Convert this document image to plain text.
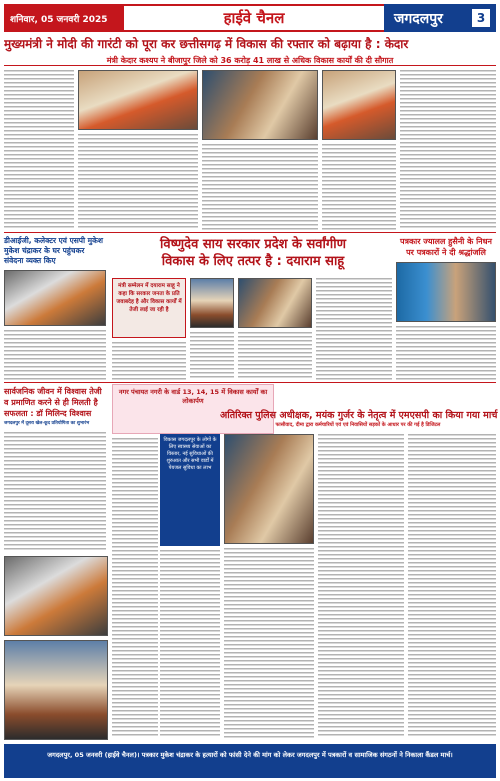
शनिवार, 05 जनवरी 2025	हाईवे चैनल	जगदलपुर	3
मुख्यमंत्री ने मोदी की गारंटी को पूरा कर छत्तीसगढ़ में विकास की रफ्तार को बढ़ाया है : केदार
मंत्री केदार कश्यप ने बीजापुर जिले को 36 करोड़ 41 लाख से अधिक विकास कार्यों की दी सौगात
डीआईजी, कलेक्टर एवं एसपी मुकेश मुकेश चंद्राकर के घर पहुंचकर संवेदना व्यक्त किए
विष्णुदेव साय सरकार प्रदेश के सर्वांगीण
विकास के लिए तत्पर है : दयाराम साहू
मंत्री सम्मेलन में दयाराम साहू ने कहा कि सरकार जनता के प्रति जवाबदेह है और विकास कार्यों में तेजी लाई जा रही है
पत्रकार ज्यालल हुसैनी के निधन पर पत्रकारों ने दी श्रद्धांजलि
सार्वजनिक जीवन में विश्वास तेजी व प्रमाणित करने से ही मिलती है सफलता : डॉ मिलिन्द विश्वास
जगदलपुर में दूसरा खेल-कूद प्रतियोगिता का शुभारंभ
नगर पंचायत नगरी के वार्ड 13, 14, 15 में विकास कार्यों का लोकार्पण
अतिरिक्त पुलिस अधीक्षक, मयंक गुर्जर के नेतृत्व में एमएसपी का किया गया मार्च
फासीवाद, दीमा द्वारा कर्मचारियों एवं एवं निवासियों सड़कों के आधार पर की गई है डिजिटल
विकास जगदलपुर के लोगों के लिए स्वास्थ्य सेवाओं का विस्तार, नई सुविधाओं की शुरुआत और सभी वार्डों में पेयजल सुविधा का लाभ
जगदलपुर, 05 जनवरी (हाईवे चैनल)। पत्रकार मुकेश चंद्राकर के हत्यारों को फांसी देने की मांग को लेकर जगदलपुर में पत्रकारों व सामाजिक संगठनों ने निकाला कैंडल मार्च।
